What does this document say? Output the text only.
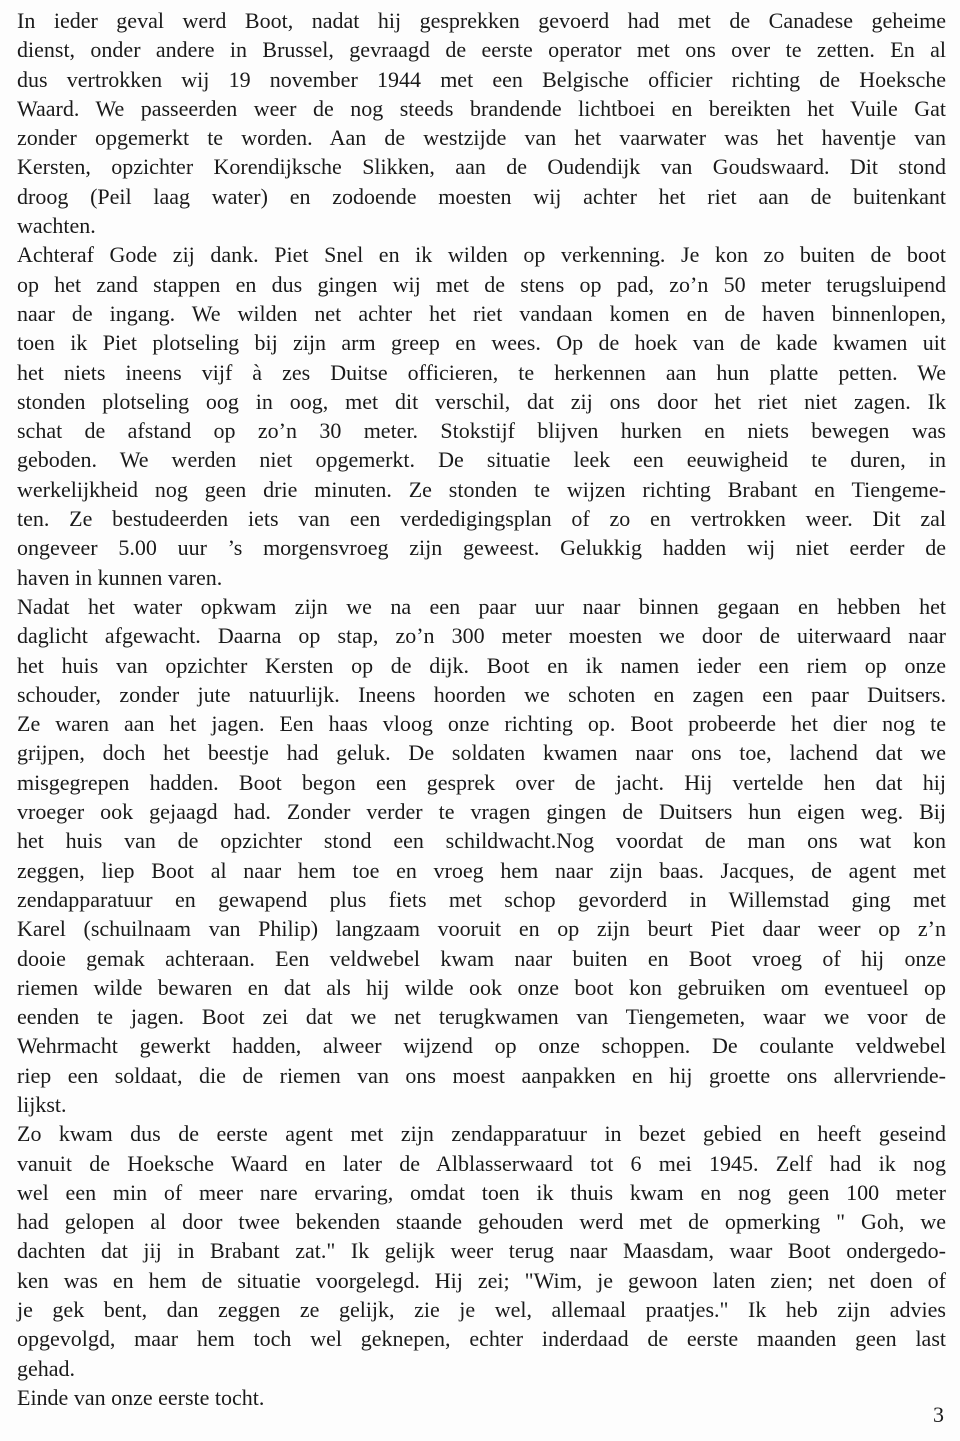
In ieder geval werd Boot, nadat hij gesprekken gevoerd had met de Canadese geheime
dienst, onder andere in Brussel, gevraagd de eerste operator met ons over te zetten. En al
dus vertrokken wij 19 november 1944 met een Belgische officier richting de Hoeksche
Waard. We passeerden weer de nog steeds brandende lichtboei en bereikten het Vuile Gat
zonder opgemerkt te worden. Aan de westzijde van het vaarwater was het haventje van
Kersten, opzichter Korendijksche Slikken, aan de Oudendijk van Goudswaard. Dit stond
droog (Peil laag water) en zodoende moesten wij achter het riet aan de buitenkant
wachten.
Achteraf Gode zij dank. Piet Snel en ik wilden op verkenning. Je kon zo buiten de boot
op het zand stappen en dus gingen wij met de stens op pad, zo’n 50 meter terugsluipend
naar de ingang. We wilden net achter het riet vandaan komen en de haven binnenlopen,
toen ik Piet plotseling bij zijn arm greep en wees. Op de hoek van de kade kwamen uit
het niets ineens vijf à zes Duitse officieren, te herkennen aan hun platte petten. We
stonden plotseling oog in oog, met dit verschil, dat zij ons door het riet niet zagen. Ik
schat de afstand op zo’n 30 meter. Stokstijf blijven hurken en niets bewegen was
geboden. We werden niet opgemerkt. De situatie leek een eeuwigheid te duren, in
werkelijkheid nog geen drie minuten. Ze stonden te wijzen richting Brabant en Tiengeme-
ten. Ze bestudeerden iets van een verdedigingsplan of zo en vertrokken weer. Dit zal
ongeveer 5.00 uur ’s morgensvroeg zijn geweest. Gelukkig hadden wij niet eerder de
haven in kunnen varen.
Nadat het water opkwam zijn we na een paar uur naar binnen gegaan en hebben het
daglicht afgewacht. Daarna op stap, zo’n 300 meter moesten we door de uiterwaard naar
het huis van opzichter Kersten op de dijk. Boot en ik namen ieder een riem op onze
schouder, zonder jute natuurlijk. Ineens hoorden we schoten en zagen een paar Duitsers.
Ze waren aan het jagen. Een haas vloog onze richting op. Boot probeerde het dier nog te
grijpen, doch het beestje had geluk. De soldaten kwamen naar ons toe, lachend dat we
misgegrepen hadden. Boot begon een gesprek over de jacht. Hij vertelde hen dat hij
vroeger ook gejaagd had. Zonder verder te vragen gingen de Duitsers hun eigen weg. Bij
het huis van de opzichter stond een schildwacht.Nog voordat de man ons wat kon
zeggen, liep Boot al naar hem toe en vroeg hem naar zijn baas. Jacques, de agent met
zendapparatuur en gewapend plus fiets met schop gevorderd in Willemstad ging met
Karel (schuilnaam van Philip) langzaam vooruit en op zijn beurt Piet daar weer op z’n
dooie gemak achteraan. Een veldwebel kwam naar buiten en Boot vroeg of hij onze
riemen wilde bewaren en dat als hij wilde ook onze boot kon gebruiken om eventueel op
eenden te jagen. Boot zei dat we net terugkwamen van Tiengemeten, waar we voor de
Wehrmacht gewerkt hadden, alweer wijzend op onze schoppen. De coulante veldwebel
riep een soldaat, die de riemen van ons moest aanpakken en hij groette ons allervriende-
lijkst.
Zo kwam dus de eerste agent met zijn zendapparatuur in bezet gebied en heeft geseind
vanuit de Hoeksche Waard en later de Alblasserwaard tot 6 mei 1945. Zelf had ik nog
wel een min of meer nare ervaring, omdat toen ik thuis kwam en nog geen 100 meter
had gelopen al door twee bekenden staande gehouden werd met de opmerking " Goh, we
dachten dat jij in Brabant zat." Ik gelijk weer terug naar Maasdam, waar Boot ondergedo-
ken was en hem de situatie voorgelegd. Hij zei; "Wim, je gewoon laten zien; net doen of
je gek bent, dan zeggen ze gelijk, zie je wel, allemaal praatjes." Ik heb zijn advies
opgevolgd, maar hem toch wel geknepen, echter inderdaad de eerste maanden geen last
gehad.
Einde van onze eerste tocht.
3
